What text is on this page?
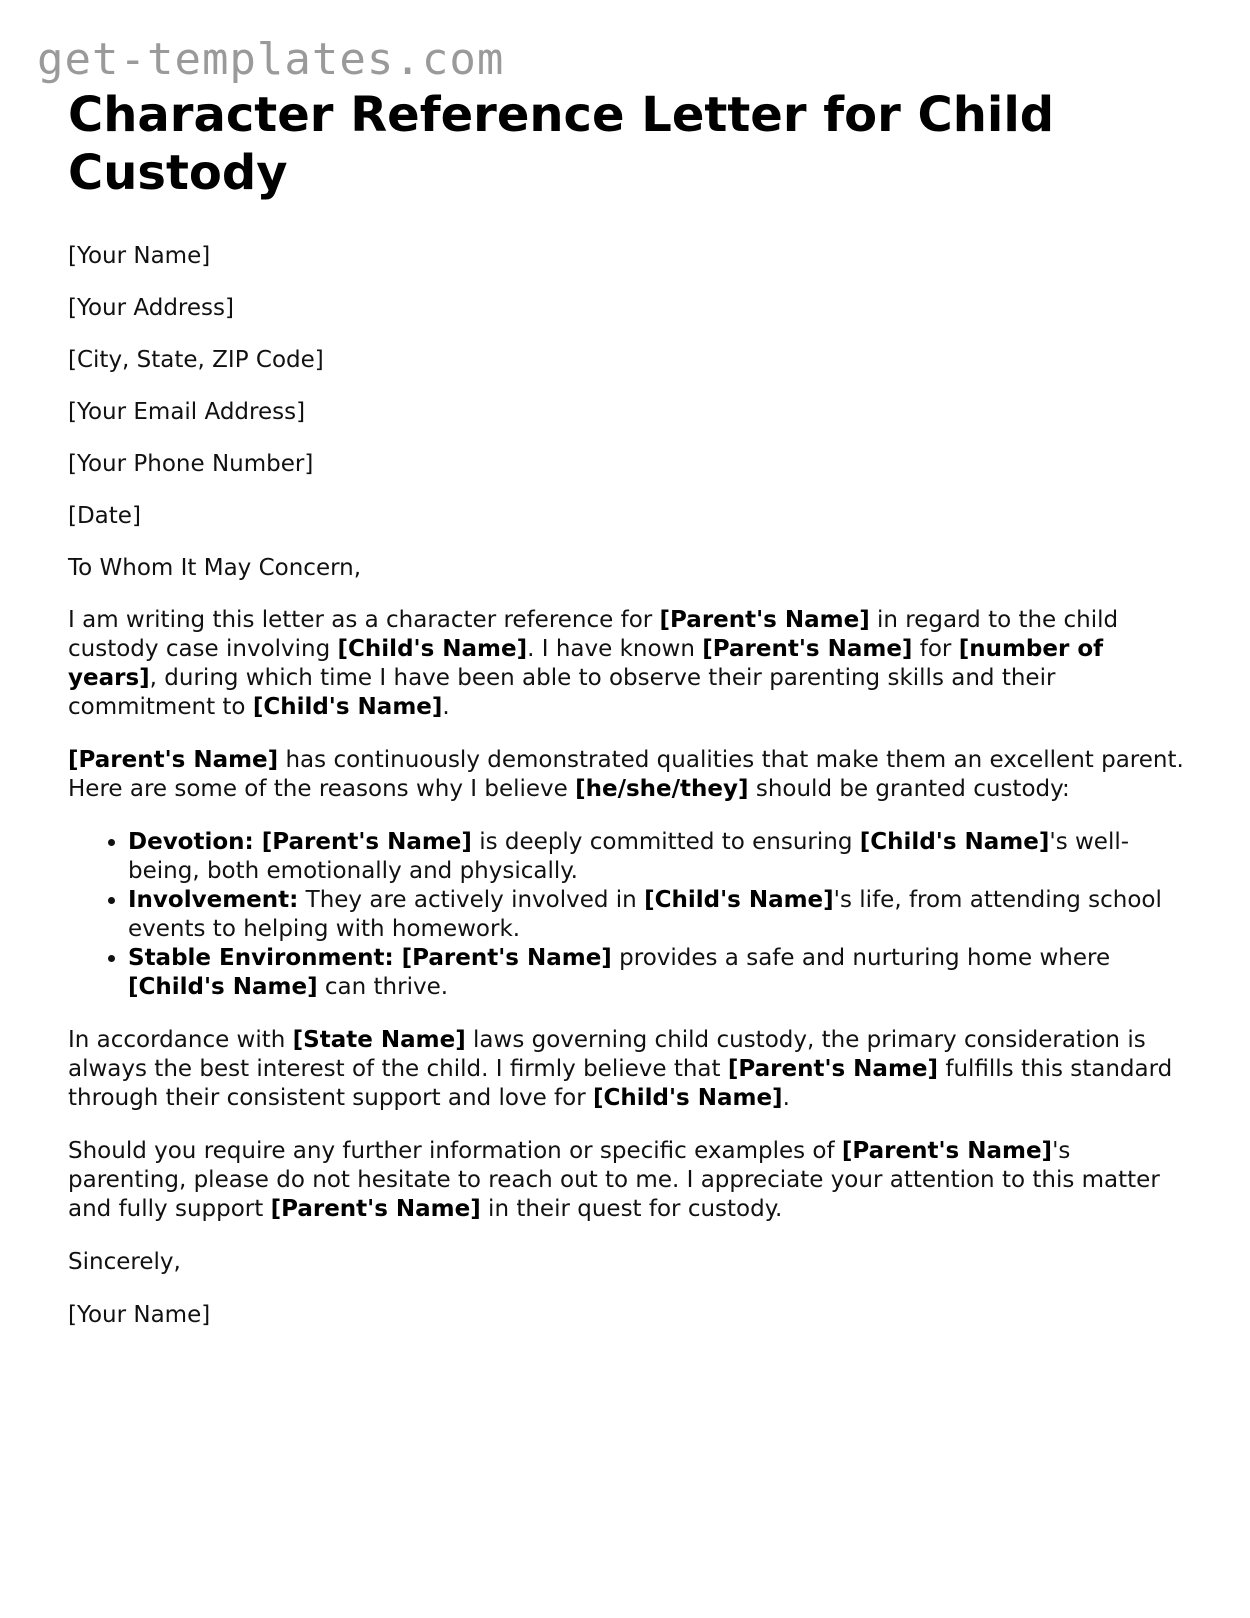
get-templates.com
Character Reference Letter for Child Custody

[Your Name]

[Your Address]

[City, State, ZIP Code]

[Your Email Address]

[Your Phone Number]

[Date]

To Whom It May Concern,

I am writing this letter as a character reference for [Parent's Name] in regard to the child custody case involving [Child's Name]. I have known [Parent's Name] for [number of years], during which time I have been able to observe their parenting skills and their commitment to [Child's Name].

[Parent's Name] has continuously demonstrated qualities that make them an excellent parent. Here are some of the reasons why I believe [he/she/they] should be granted custody:

• Devotion: [Parent's Name] is deeply committed to ensuring [Child's Name]'s well-being, both emotionally and physically.
• Involvement: They are actively involved in [Child's Name]'s life, from attending school events to helping with homework.
• Stable Environment: [Parent's Name] provides a safe and nurturing home where [Child's Name] can thrive.

In accordance with [State Name] laws governing child custody, the primary consideration is always the best interest of the child. I firmly believe that [Parent's Name] fulfills this standard through their consistent support and love for [Child's Name].

Should you require any further information or specific examples of [Parent's Name]'s parenting, please do not hesitate to reach out to me. I appreciate your attention to this matter and fully support [Parent's Name] in their quest for custody.

Sincerely,

[Your Name]
